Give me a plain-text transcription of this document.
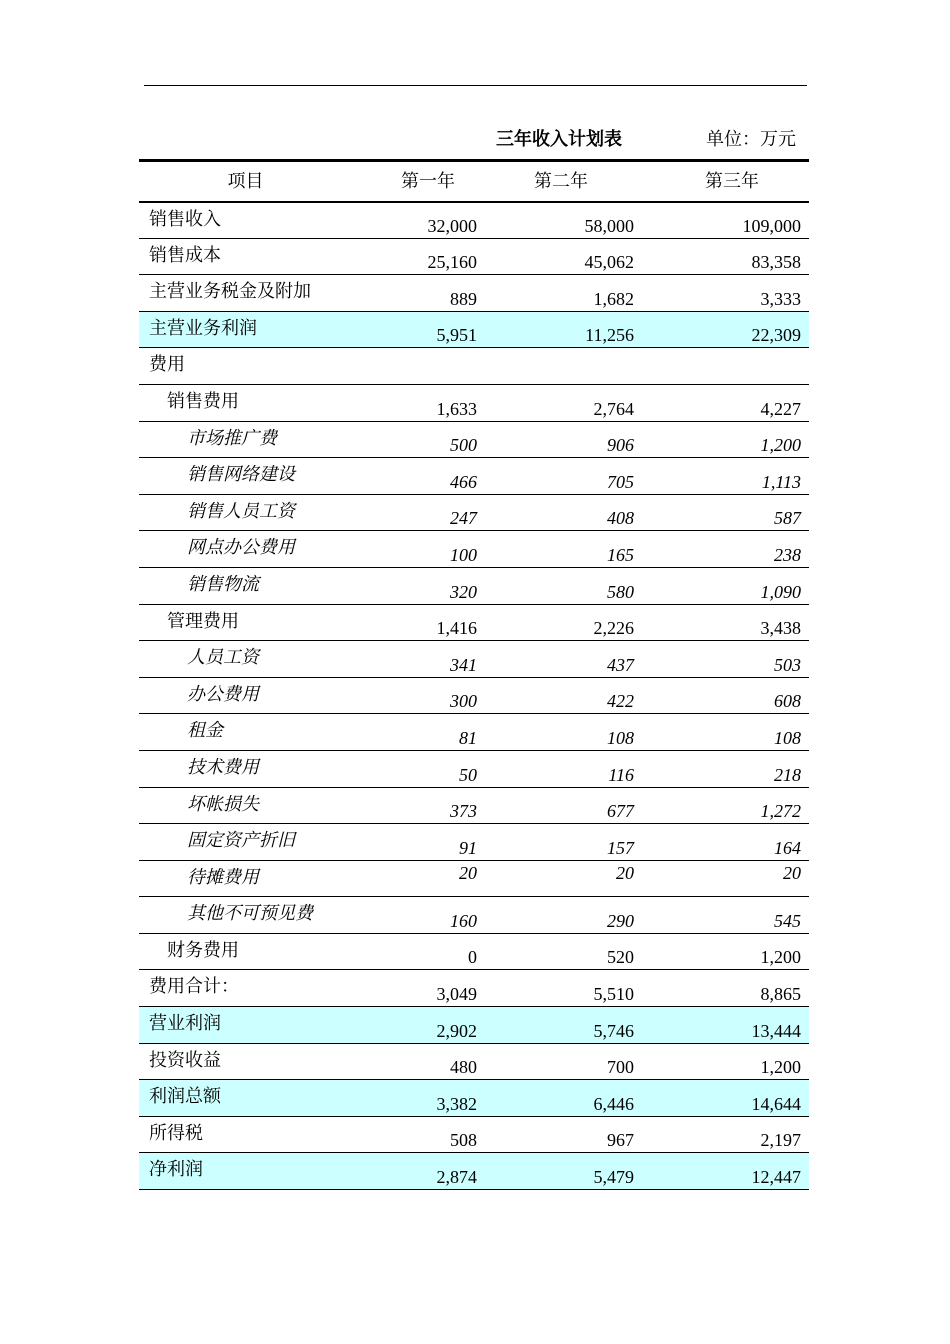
三年收入计划表	单位：万元
项目	第一年	第二年	第三年
销售收入	32,000	58,000	109,000
销售成本	25,160	45,062	83,358
主营业务税金及附加	889	1,682	3,333
主营业务利润	5,951	11,256	22,309
费用			
销售费用	1,633	2,764	4,227
市场推广费	500	906	1,200
销售网络建设	466	705	1,113
销售人员工资	247	408	587
网点办公费用	100	165	238
销售物流	320	580	1,090
管理费用	1,416	2,226	3,438
人员工资	341	437	503
办公费用	300	422	608
租金	81	108	108
技术费用	50	116	218
坏帐损失	373	677	1,272
固定资产折旧	91	157	164
待摊费用	20	20	20
其他不可预见费	160	290	545
财务费用	0	520	1,200
费用合计：	3,049	5,510	8,865
营业利润	2,902	5,746	13,444
投资收益	480	700	1,200
利润总额	3,382	6,446	14,644
所得税	508	967	2,197
净利润	2,874	5,479	12,447
